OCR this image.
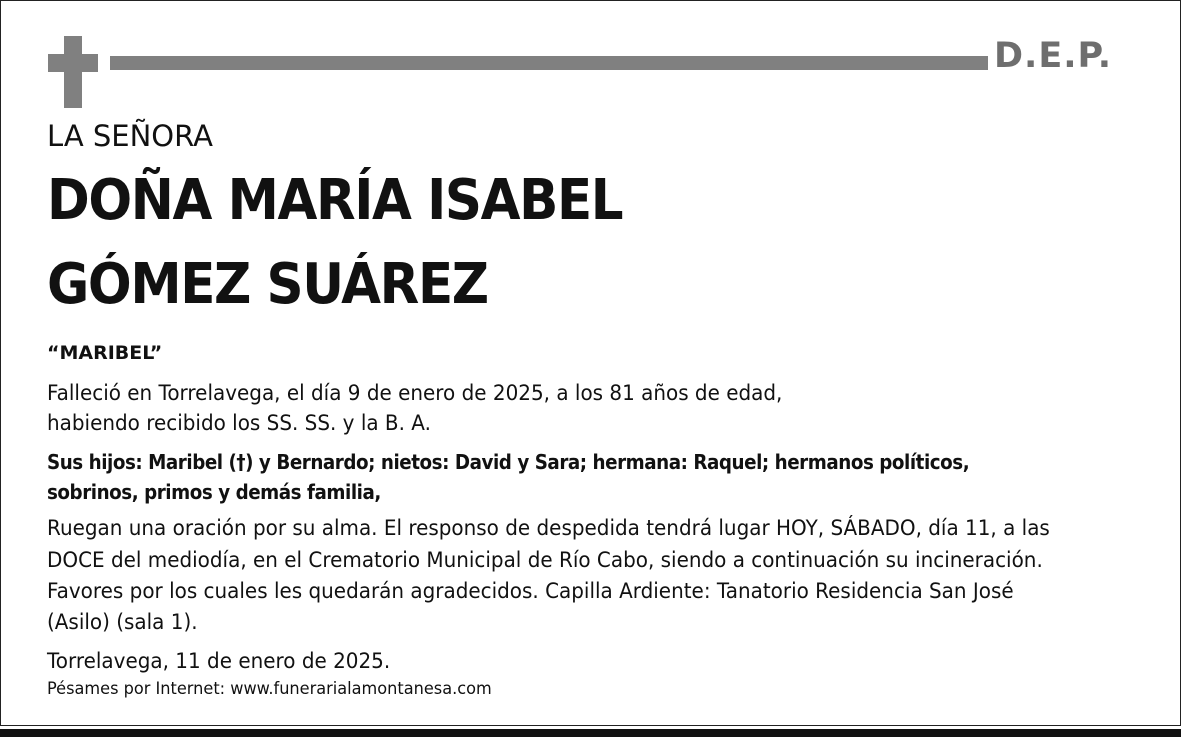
D.E.P.
LA SEÑORA
DOÑA MARÍA ISABEL
GÓMEZ SUÁREZ
“MARIBEL”
Falleció en Torrelavega, el día 9 de enero de 2025, a los 81 años de edad,
habiendo recibido los SS. SS. y la B. A.
Sus hijos: Maribel (†) y Bernardo; nietos: David y Sara; hermana: Raquel; hermanos políticos,
sobrinos, primos y demás familia,
Ruegan una oración por su alma. El responso de despedida tendrá lugar HOY, SÁBADO, día 11, a las
DOCE del mediodía, en el Crematorio Municipal de Río Cabo, siendo a continuación su incineración.
Favores por los cuales les quedarán agradecidos. Capilla Ardiente: Tanatorio Residencia San José
(Asilo) (sala 1).
Torrelavega, 11 de enero de 2025.
Pésames por Internet: www.funerarialamontanesa.com
